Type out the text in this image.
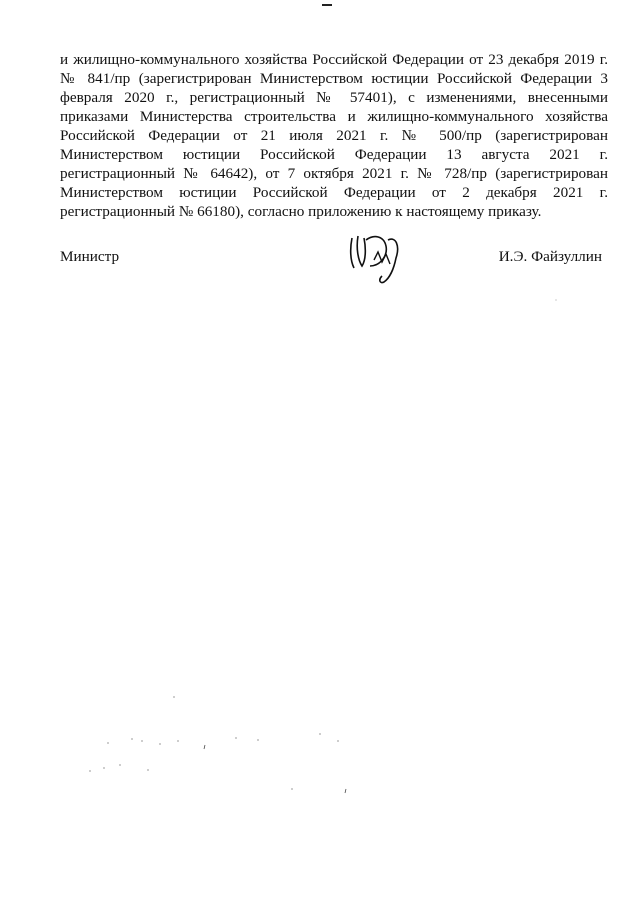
и жилищно-коммунального хозяйства Российской Федерации от 23 декабря 2019 г. № 841/пр (зарегистрирован Министерством юстиции Российской Федерации 3 февраля 2020 г., регистрационный № 57401), с изменениями, внесенными приказами Министерства строительства и жилищно-коммунального хозяйства Российской Федерации от 21 июля 2021 г. № 500/пр (зарегистрирован Министерством юстиции Российской Федерации 13 августа 2021 г. регистрационный № 64642), от 7 октября 2021 г. № 728/пр (зарегистрирован Министерством юстиции Российской Федерации от 2 декабря 2021 г. регистрационный № 66180), согласно приложению к настоящему приказу.

Министр	И.Э. Файзуллин
